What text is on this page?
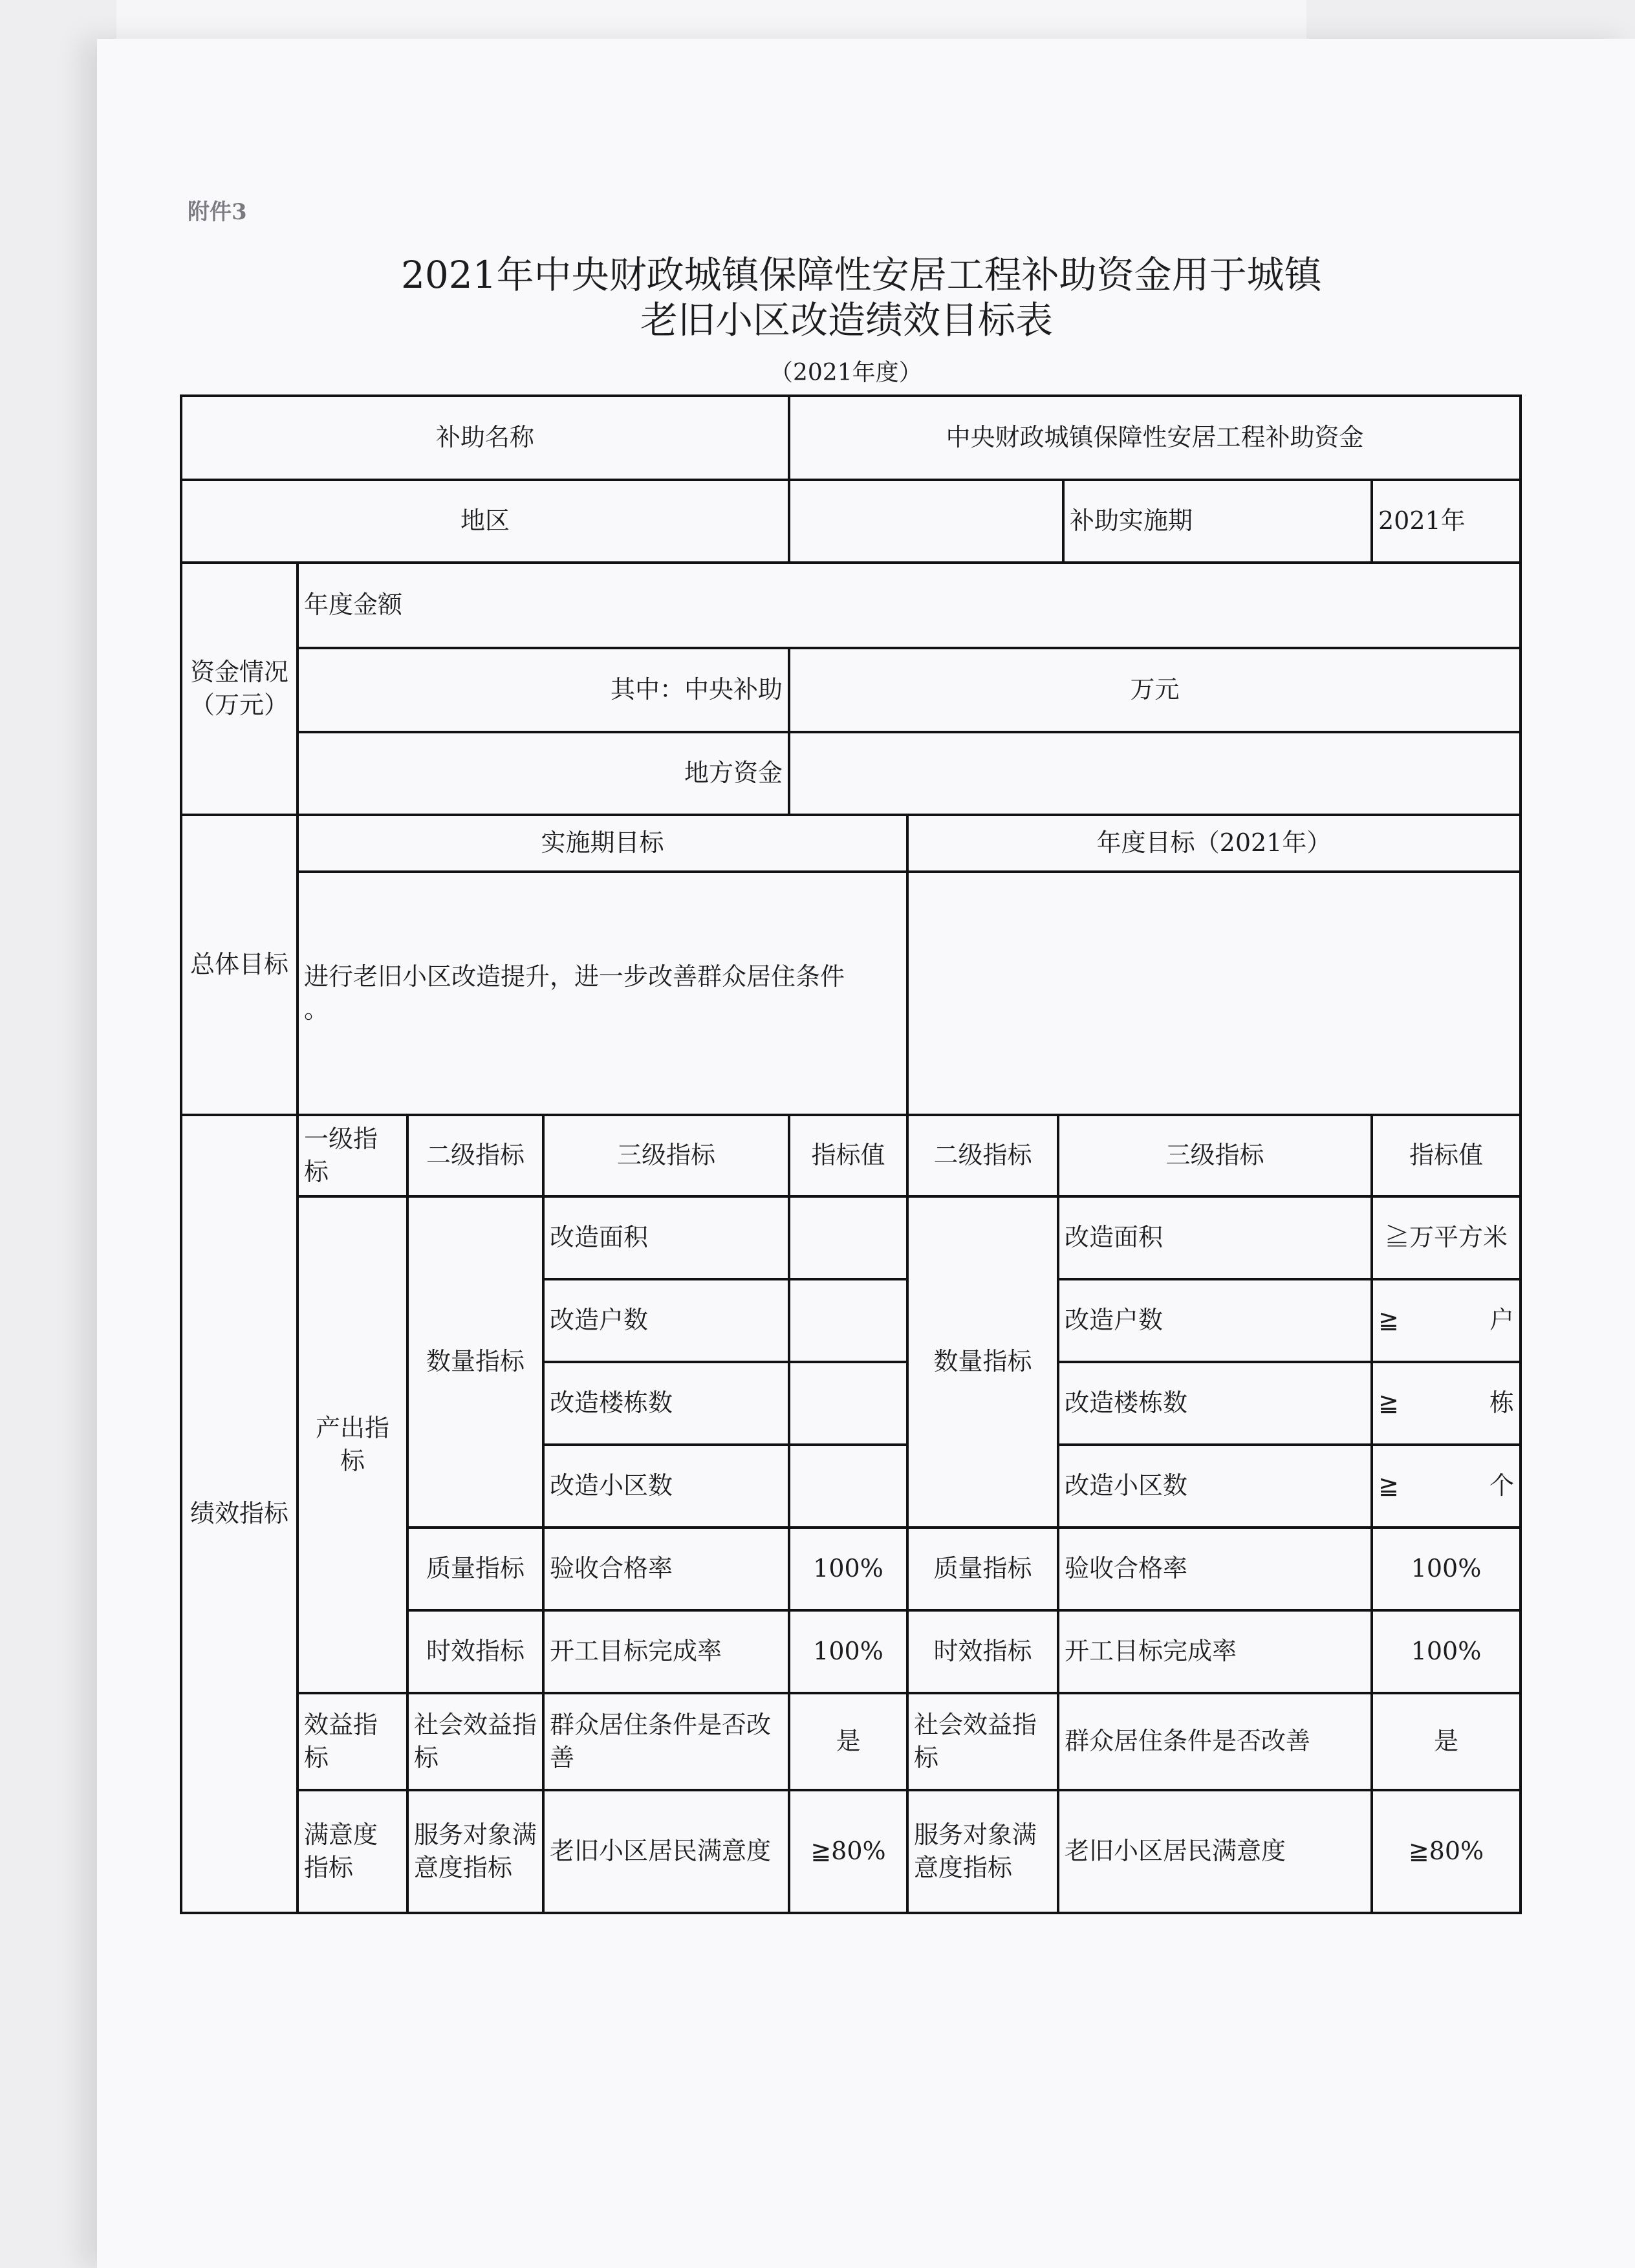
附件3
2021年中央财政城镇保障性安居工程补助资金用于城镇
老旧小区改造绩效目标表
（2021年度）
补助名称				中央财政城镇保障性安居工程补助资金				
地区							补助实施期	2021年
资金情况（万元）	年度金额							
	其中：中央补助			万元				
	地方资金							
总体目标	实施期目标				年度目标（2021年）			

	进行老旧小区改造提升，进一步改善群众居住条件
。							

绩效指标	一级指标	二级指标	三级指标	指标值	二级指标	三级指标		指标值
	产出指标	数量指标	改造面积		数量指标	改造面积		≧万平方米
			改造户数			改造户数		≧ 户

			改造楼栋数			改造楼栋数		≧ 栋

			改造小区数			改造小区数		≧ 个

		质量指标	验收合格率	100%	质量指标	验收合格率		100%
		时效指标	开工目标完成率	100%	时效指标	开工目标完成率		100%
	效益指标	社会效益指标	群众居住条件是否改善	是	社会效益指标	群众居住条件是否改善		是
	满意度指标	服务对象满意度指标	老旧小区居民满意度	≧80%	服务对象满意度指标	老旧小区居民满意度		≧80%
